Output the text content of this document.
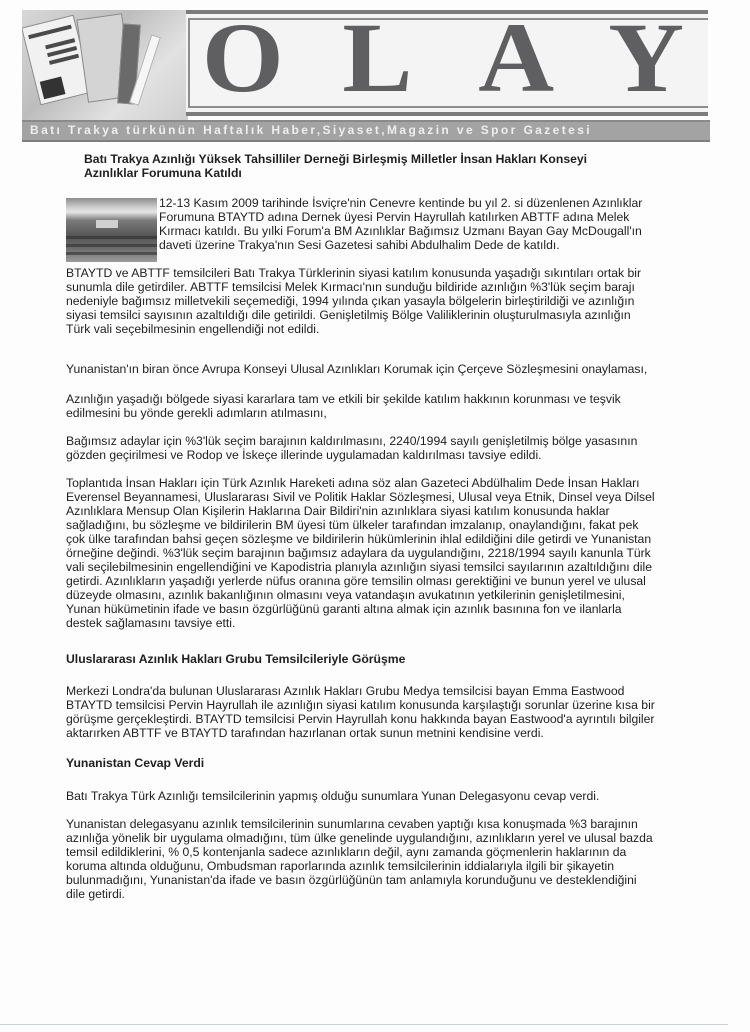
O L A Y
Batı Trakya türkünün Haftalık Haber,Siyaset,Magazin ve Spor Gazetesi
Batı Trakya Azınlığı Yüksek Tahsilliler Derneği Birleşmiş Milletler İnsan Hakları Konseyi
Azınlıklar Forumuna Katıldı
12-13 Kasım 2009 tarihinde İsviçre'nin Cenevre kentinde bu yıl 2. si düzenlenen Azınlıklar
Forumuna BTAYTD adına Dernek üyesi Pervin Hayrullah katılırken ABTTF adına Melek
Kırmacı katıldı. Bu yılki Forum'a BM Azınlıklar Bağımsız Uzmanı Bayan Gay McDougall'ın
daveti üzerine Trakya'nın Sesi Gazetesi sahibi Abdulhalim Dede de katıldı.
BTAYTD ve ABTTF temsilcileri Batı Trakya Türklerinin siyasi katılım konusunda yaşadığı sıkıntıları ortak bir
sunumla dile getirdiler. ABTTF temsilcisi Melek Kırmacı'nın sunduğu bildiride azınlığın %3'lük seçim barajı
nedeniyle bağımsız milletvekili seçemediği, 1994 yılında çıkan yasayla bölgelerin birleştirildiği ve azınlığın
siyasi temsilci sayısının azaltıldığı dile getirildi. Genişletilmiş Bölge Valiliklerinin oluşturulmasıyla azınlığın
Türk vali seçebilmesinin engellendiği not edildi.
Yunanistan'ın biran önce Avrupa Konseyi Ulusal Azınlıkları Korumak için Çerçeve Sözleşmesini onaylaması,
Azınlığın yaşadığı bölgede siyasi kararlara tam ve etkili bir şekilde katılım hakkının korunması ve teşvik
edilmesini bu yönde gerekli adımların atılmasını,
Bağımsız adaylar için %3'lük seçim barajının kaldırılmasını, 2240/1994 sayılı genişletilmiş bölge yasasının
gözden geçirilmesi ve Rodop ve İskeçe illerinde uygulamadan kaldırılması tavsiye edildi.
Toplantıda İnsan Hakları için Türk Azınlık Hareketi adına söz alan Gazeteci Abdülhalim Dede İnsan Hakları
Everensel Beyannamesi, Uluslararası Sivil ve Politik Haklar Sözleşmesi, Ulusal veya Etnik, Dinsel veya Dilsel
Azınlıklara Mensup Olan Kişilerin Haklarına Dair Bildiri'nin azınlıklara siyasi katılım konusunda haklar
sağladığını, bu sözleşme ve bildirilerin BM üyesi tüm ülkeler tarafından imzalanıp, onaylandığını, fakat pek
çok ülke tarafından bahsi geçen sözleşme ve bildirilerin hükümlerinin ihlal edildiğini dile getirdi ve Yunanistan
örneğine değindi. %3'lük seçim barajının bağımsız adaylara da uygulandığını, 2218/1994 sayılı kanunla Türk
vali seçilebilmesinin engellendiğini ve Kapodistria planıyla azınlığın siyasi temsilci sayılarının azaltıldığını dile
getirdi. Azınlıkların yaşadığı yerlerde nüfus oranına göre temsilin olması gerektiğini ve bunun yerel ve ulusal
düzeyde olmasını, azınlık bakanlığının olmasını veya vatandaşın avukatının yetkilerinin genişletilmesini,
Yunan hükümetinin ifade ve basın özgürlüğünü garanti altına almak için azınlık basınına fon ve ilanlarla
destek sağlamasını tavsiye etti.
Uluslararası Azınlık Hakları Grubu Temsilcileriyle Görüşme
Merkezi Londra'da bulunan Uluslararası Azınlık Hakları Grubu Medya temsilcisi bayan Emma Eastwood
BTAYTD temsilcisi Pervin Hayrullah ile azınlığın siyasi katılım konusunda karşılaştığı sorunlar üzerine kısa bir
görüşme gerçekleştirdi. BTAYTD temsilcisi Pervin Hayrullah konu hakkında bayan Eastwood'a ayrıntılı bilgiler
aktarırken ABTTF ve BTAYTD tarafından hazırlanan ortak sunun metnini kendisine verdi.
Yunanistan Cevap Verdi
Batı Trakya Türk Azınlığı temsilcilerinin yapmış olduğu sunumlara Yunan Delegasyonu cevap verdi.
Yunanistan delegasyanu azınlık temsilcilerinin sunumlarına cevaben yaptığı kısa konuşmada %3 barajının
azınlığa yönelik bir uygulama olmadığını, tüm ülke genelinde uygulandığını, azınlıkların yerel ve ulusal bazda
temsil edildiklerini, % 0,5 kontenjanla sadece azınlıkların değil, aynı zamanda göçmenlerin haklarının da
koruma altında olduğunu, Ombudsman raporlarında azınlık temsilcilerinin iddialarıyla ilgili bir şikayetin
bulunmadığını, Yunanistan'da ifade ve basın özgürlüğünün tam anlamıyla korunduğunu ve desteklendiğini
dile getirdi.
